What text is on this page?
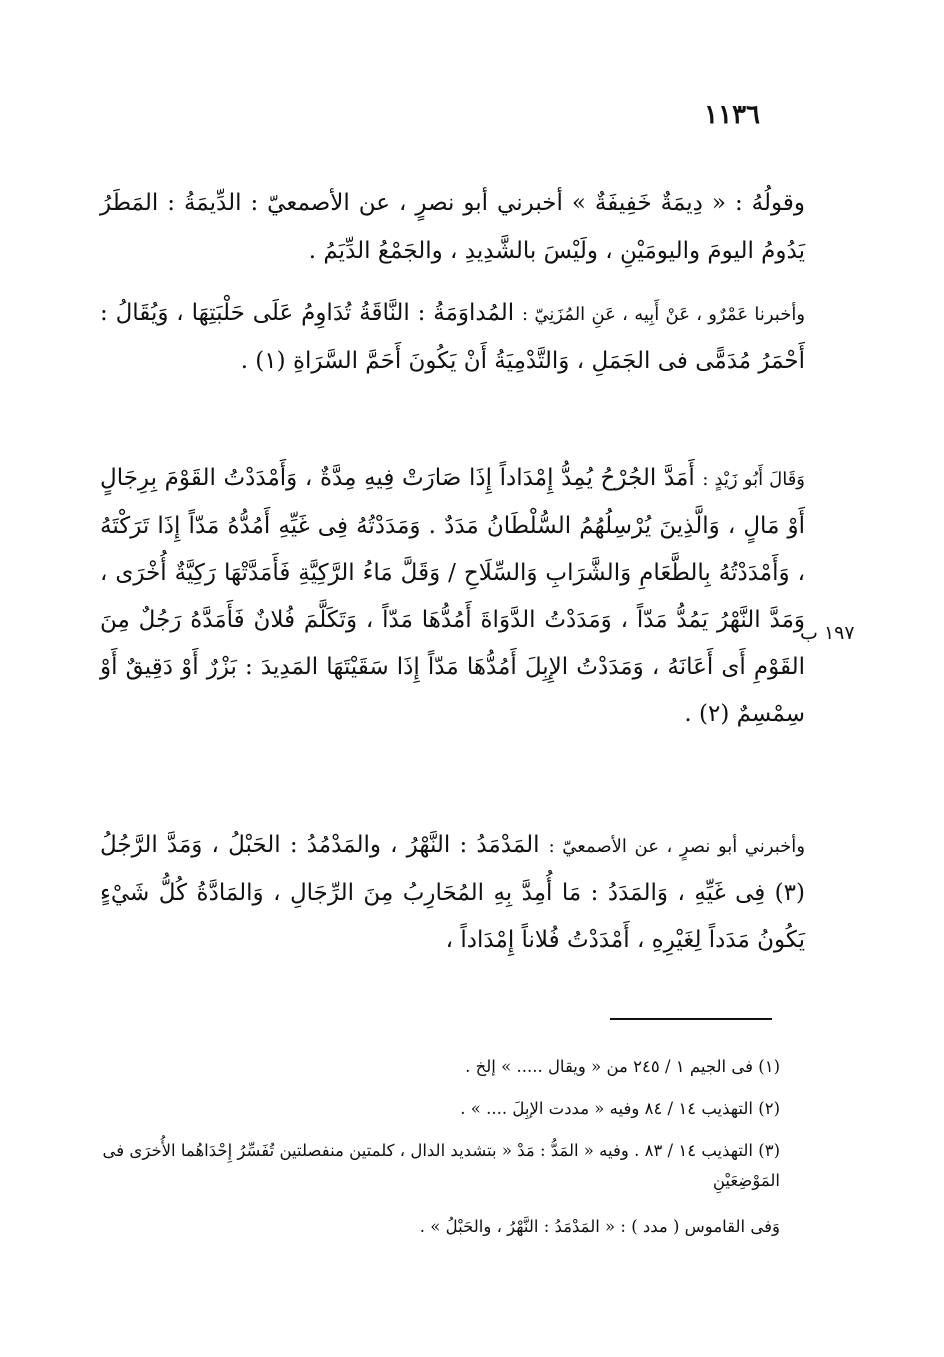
١١٣٦

وقولُهُ : « دِيمَةٌ خَفِيفَةٌ » أخبرني أبو نصرٍ ، عن الأصمعيّ : الدِّيمَةُ : المَطَرُ يَدُومُ اليومَ واليومَيْنِ ، ولَيْسَ بالشَّدِيدِ ، والجَمْعُ الدِّيَمُ .

وأخبرنا عَمْرٌو ، عَنْ أَبِيه ، عَنِ المُزَنِيّ : المُداوَمَةُ : النَّاقَةُ تُدَاوِمُ عَلَى حَلْبَتِهَا ، وَيُقَالُ : أَحْمَرُ مُدَمًّى فى الجَمَلِ ، وَالتَّدْمِيَةُ أَنْ يَكُونَ أَحَمَّ السَّرَاةِ (١) .

وَقَالَ أَبُو زَيْدٍ : أَمَدَّ الجُرْحُ يُمِدُّ إِمْدَاداً إِذَا صَارَتْ فِيهِ مِدَّةٌ ، وَأَمْدَدْتُ القَوْمَ بِرِجَالٍ أَوْ مَالٍ ، وَالَّذِينَ يُرْسِلُهُمُ السُّلْطَانُ مَدَدٌ . وَمَدَدْتُهُ فِى غَيِّهِ أَمُدُّهُ مَدّاً إِذَا تَرَكْتَهُ ، وَأَمْدَدْتُهُ بِالطَّعَامِ وَالشَّرَابِ وَالسِّلَاحِ / وَقَلَّ مَاءُ الرَّكِيَّةِ فَأَمَدَّتْهَا رَكِيَّةٌ أُخْرَى ، وَمَدَّ النَّهْرُ يَمُدُّ مَدّاً ، وَمَدَدْتُ الدَّوَاةَ أَمُدُّهَا مَدّاً ، وَتَكَلَّمَ فُلانٌ فَأَمَدَّهُ رَجُلٌ مِنَ القَوْمِ أَى أَعَانَهُ ، وَمَدَدْتُ الإِبِلَ أَمُدُّهَا مَدّاً إِذَا سَقَيْتَهَا المَدِيدَ : بَزْرٌ أَوْ دَقِيقٌ أَوْ سِمْسِمٌ (٢) .

١٩٧ ب

وأخبرني أبو نصرٍ ، عن الأصمعيّ : المَدْمَدُ : النَّهْرُ ، والمَدْمُدُ : الحَبْلُ ، وَمَدَّ الرَّجُلُ (٣) فِى غَيِّهِ ، وَالمَدَدُ : مَا أُمِدَّ بِهِ المُحَارِبُ مِنَ الرِّجَالِ ، وَالمَادَّةُ كُلُّ شَيْءٍ يَكُونُ مَدَداً لِغَيْرِهِ ، أَمْدَدْتُ فُلاناً إِمْدَاداً ،

(١) فى الجيم ١ / ٢٤٥ من « ويقال ..... » إلخ .

(٢) التهذيب ١٤ / ٨٤ وفيه « مددت الإبِلَ .... » .

(٣) التهذيب ١٤ / ٨٣ . وفيه « المَدُّ : مَدْ « بتشديد الدال ، كلمتين منفصلتين تُفَسِّرُ إِحْدَاهُما الأُخرَى فى المَوْضِعَيْنِ

وَفى القاموس ( مدد ) : « المَدْمَدُ : النَّهْرُ ، والحَبْلُ » .
